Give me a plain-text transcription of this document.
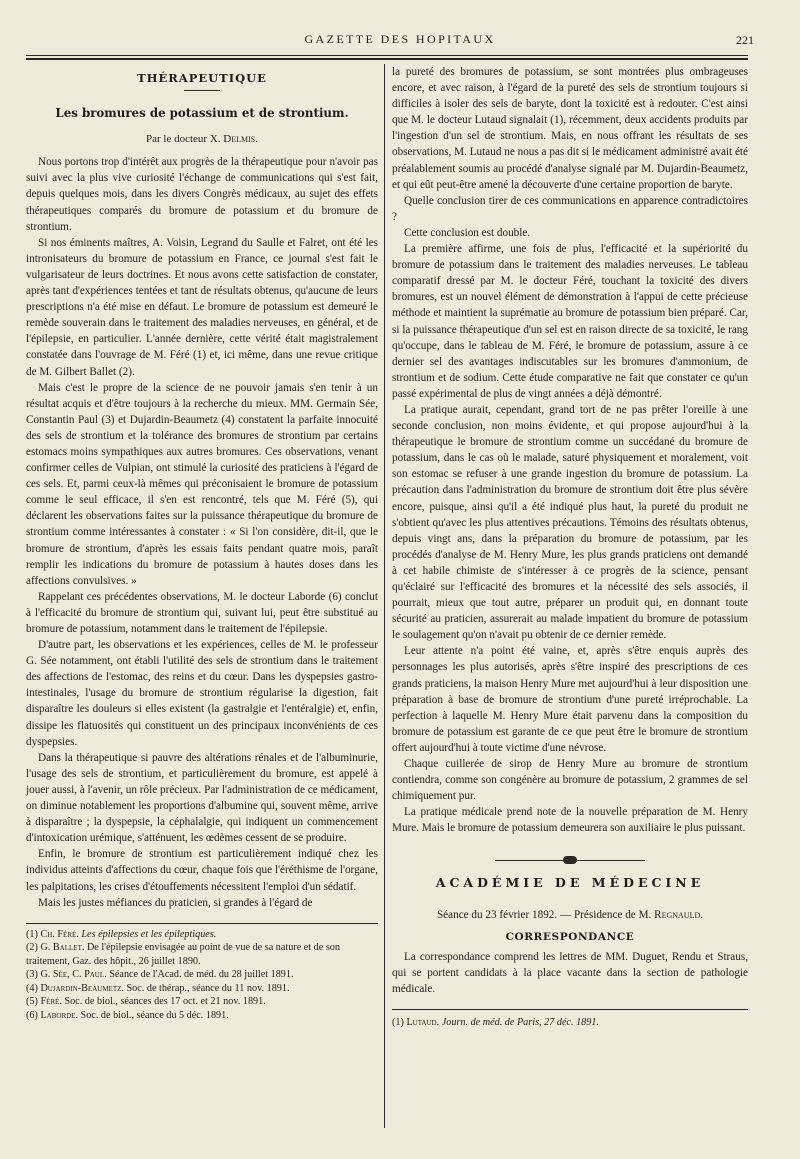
GAZETTE DES HOPITAUX	221
THÉRAPEUTIQUE
Les bromures de potassium et de strontium.
Par le docteur X. Delmis.

Nous portons trop d'intérêt aux progrès de la thérapeutique pour n'avoir pas suivi avec la plus vive curiosité l'échange de communications qui s'est fait, depuis quelques mois, dans les divers Congrès médicaux, au sujet des effets thérapeutiques comparés du bromure de potassium et du bromure de strontium.

Si nos éminents maîtres, A. Voisin, Legrand du Saulle et Falret, ont été les intronisateurs du bromure de potassium en France, ce journal s'est fait le vulgarisateur de leurs doctrines. Et nous avons cette satisfaction de constater, après tant d'expériences tentées et tant de résultats obtenus, qu'aucune de leurs prescriptions n'a été mise en défaut. Le bromure de potassium est demeuré le remède souverain dans le traitement des maladies nerveuses, en général, et de l'épilepsie, en particulier. L'année dernière, cette vérité était magistralement constatée dans l'ouvrage de M. Féré (1) et, ici même, dans une revue critique de M. Gilbert Ballet (2).

Mais c'est le propre de la science de ne pouvoir jamais s'en tenir à un résultat acquis et d'être toujours à la recherche du mieux. MM. Germain Sée, Constantin Paul (3) et Dujardin-Beaumetz (4) constatent la parfaite innocuité des sels de strontium et la tolérance des bromures de strontium par certains estomacs moins sympathiques aux autres bromures. Ces observations, venant confirmer celles de Vulpian, ont stimulé la curiosité des praticiens à l'égard de ces sels. Et, parmi ceux-là mêmes qui préconisaient le bromure de potassium comme le seul efficace, il s'en est rencontré, tels que M. Féré (5), qui déclarent les observations faites sur la puissance thérapeutique du bromure de strontium comme intéressantes à constater : « Si l'on considère, dit-il, que le bromure de strontium, d'après les essais faits pendant quatre mois, paraît remplir les indications du bromure de potassium à hautes doses dans les affections convulsives. »

Rappelant ces précédentes observations, M. le docteur Laborde (6) conclut à l'efficacité du bromure de strontium qui, suivant lui, peut être substitué au bromure de potassium, notamment dans le traitement de l'épilepsie.

D'autre part, les observations et les expériences, celles de M. le professeur G. Sée notamment, ont établi l'utilité des sels de strontium dans le traitement des affections de l'estomac, des reins et du cœur. Dans les dyspepsies gastro-intestinales, l'usage du bromure de strontium régularise la digestion, fait disparaître les douleurs si elles existent (la gastralgie et l'entéralgie) et, enfin, dissipe les flatuosités qui constituent un des principaux inconvénients de ces dyspepsies.

Dans la thérapeutique si pauvre des altérations rénales et de l'albuminurie, l'usage des sels de strontium, et particulièrement du bromure, est appelé à jouer aussi, à l'avenir, un rôle précieux. Par l'administration de ce médicament, on diminue notablement les proportions d'albumine qui, souvent même, arrive à disparaître ; la dyspepsie, la céphalalgie, qui indiquent un commencement d'intoxication urémique, s'atténuent, les œdèmes cessent de se produire.

Enfin, le bromure de strontium est particulièrement indiqué chez les individus atteints d'affections du cœur, chaque fois que l'éréthisme de l'organe, les palpitations, les crises d'étouffements nécessitent l'emploi d'un sédatif.

Mais les justes méfiances du praticien, si grandes à l'égard de

(1) Ch. Féré. Les épilepsies et les épileptiques.
(2) G. Ballet. De l'épilepsie envisagée au point de vue de sa nature et de son traitement, Gaz. des hôpit., 26 juillet 1890.
(3) G. Sée, C. Paul. Séance de l'Acad. de méd. du 28 juillet 1891.
(4) Dujardin-Beaumetz. Soc. de thérap., séance du 11 nov. 1891.
(5) Féré. Soc. de biol., séances des 17 oct. et 21 nov. 1891.
(6) Laborde. Soc. de biol., séance du 5 déc. 1891.

la pureté des bromures de potassium, se sont montrées plus ombrageuses encore, et avec raison, à l'égard de la pureté des sels de strontium toujours si difficiles à isoler des sels de baryte, dont la toxicité est à redouter. C'est ainsi que M. le docteur Lutaud signalait (1), récemment, deux accidents produits par l'ingestion d'un sel de strontium. Mais, en nous offrant les résultats de ses observations, M. Lutaud ne nous a pas dit si le médicament administré avait été préalablement soumis au procédé d'analyse signalé par M. Dujardin-Beaumetz, et qui eût peut-être amené la découverte d'une certaine proportion de baryte.

Quelle conclusion tirer de ces communications en apparence contradictoires ?

Cette conclusion est double.

La première affirme, une fois de plus, l'efficacité et la supériorité du bromure de potassium dans le traitement des maladies nerveuses. Le tableau comparatif dressé par M. le docteur Féré, touchant la toxicité des divers bromures, est un nouvel élément de démonstration à l'appui de cette précieuse méthode et maintient la suprématie au bromure de potassium bien préparé. Car, si la puissance thérapeutique d'un sel est en raison directe de sa toxicité, le rang qu'occupe, dans le tableau de M. Féré, le bromure de potassium, assure à ce dernier sel des avantages indiscutables sur les bromures d'ammonium, de strontium et de sodium. Cette étude comparative ne fait que constater ce qu'un passé expérimental de plus de vingt années a déjà démontré.

La pratique aurait, cependant, grand tort de ne pas prêter l'oreille à une seconde conclusion, non moins évidente, et qui propose aujourd'hui à la thérapeutique le bromure de strontium comme un succédané du bromure de potassium, dans le cas où le malade, saturé physiquement et moralement, voit son estomac se refuser à une grande ingestion du bromure de potassium. La précaution dans l'administration du bromure de strontium doit être plus sévère encore, puisque, ainsi qu'il a été indiqué plus haut, la pureté du produit ne s'obtient qu'avec les plus attentives précautions. Témoins des résultats obtenus, depuis vingt ans, dans la préparation du bromure de potassium, par les procédés d'analyse de M. Henry Mure, les plus grands praticiens ont demandé à cet habile chimiste de s'intéresser à ce progrès de la science, pensant qu'éclairé sur l'efficacité des bromures et la nécessité des sels associés, il pourrait, mieux que tout autre, préparer un produit qui, en donnant toute sécurité au praticien, assurerait au malade impatient du bromure de potassium le soulagement qu'on n'avait pu obtenir de ce dernier remède.

Leur attente n'a point été vaine, et, après s'être enquis auprès des personnages les plus autorisés, après s'être inspiré des prescriptions de ces grands praticiens, la maison Henry Mure met aujourd'hui à leur disposition une préparation à base de bromure de strontium d'une pureté irréprochable. La perfection à laquelle M. Henry Mure était parvenu dans la composition du bromure de potassium est garante de ce que peut être le bromure de strontium offert aujourd'hui à toute victime d'une névrose.

Chaque cuillerée de sirop de Henry Mure au bromure de strontium contiendra, comme son congénère au bromure de potassium, 2 grammes de sel chimiquement pur.

La pratique médicale prend note de la nouvelle préparation de M. Henry Mure. Mais le bromure de potassium demeurera son auxiliaire le plus puissant.

ACADÉMIE DE MÉDECINE
Séance du 23 février 1892. — Présidence de M. Regnauld.
CORRESPONDANCE

La correspondance comprend les lettres de MM. Duguet, Rendu et Straus, qui se portent candidats à la place vacante dans la section de pathologie médicale.

(1) Lutaud. Journ. de méd. de Paris, 27 déc. 1891.
